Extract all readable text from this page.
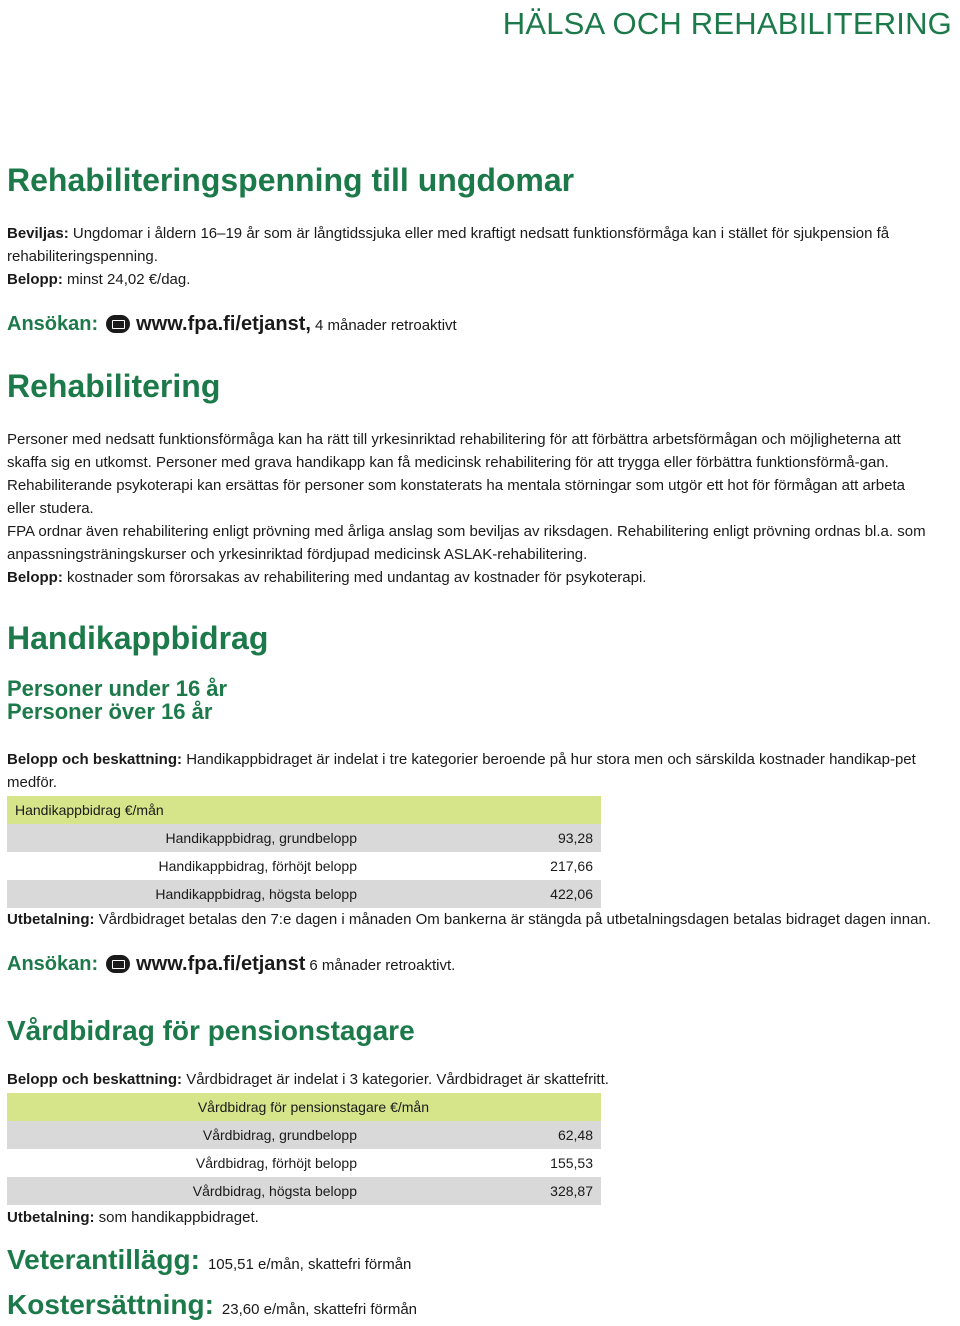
HÄLSA OCH REHABILITERING
Rehabiliteringspenning till ungdomar
Beviljas: Ungdomar i åldern 16–19 år som är långtidssjuka eller med kraftigt nedsatt funktionsförmåga kan i stället för sjukpension få rehabiliteringspenning.
Belopp: minst 24,02 €/dag.
Ansökan: www.fpa.fi/etjanst, 4 månader retroaktivt
Rehabilitering
Personer med nedsatt funktionsförmåga kan ha rätt till yrkesinriktad rehabilitering för att förbättra arbetsförmågan och möjligheterna att skaffa sig en utkomst. Personer med grava handikapp kan få medicinsk rehabilitering för att trygga eller förbättra funktionsförmå-gan. Rehabiliterande psykoterapi kan ersättas för personer som konstaterats ha mentala störningar som utgör ett hot för förmågan att arbeta eller studera.
FPA ordnar även rehabilitering enligt prövning med årliga anslag som beviljas av riksdagen. Rehabilitering enligt prövning ordnas bl.a. som anpassningsträningskurser och yrkesinriktad fördjupad medicinsk ASLAK-rehabilitering.
Belopp: kostnader som förorsakas av rehabilitering med undantag av kostnader för psykoterapi.
Handikappbidrag
Personer under 16 år
Personer över 16 år
Belopp och beskattning: Handikappbidraget är indelat i tre kategorier beroende på hur stora men och särskilda kostnader handikap-pet medför.
Handikappbidrag €/mån	
Handikappbidrag, grundbelopp	93,28
Handikappbidrag, förhöjt belopp	217,66
Handikappbidrag, högsta belopp	422,06
Utbetalning: Vårdbidraget betalas den 7:e dagen i månaden Om bankerna är stängda på utbetalningsdagen betalas bidraget dagen innan.
Ansökan: www.fpa.fi/etjanst 6 månader retroaktivt.
Vårdbidrag för pensionstagare
Belopp och beskattning: Vårdbidraget är indelat i 3 kategorier. Vårdbidraget är skattefritt.
Vårdbidrag för pensionstagare €/mån	
Vårdbidrag, grundbelopp	62,48
Vårdbidrag, förhöjt belopp	155,53
Vårdbidrag, högsta belopp	328,87
Utbetalning: som handikappbidraget.
Veterantillägg: 105,51 e/mån, skattefri förmån
Kostersättning: 23,60 e/mån, skattefri förmån
